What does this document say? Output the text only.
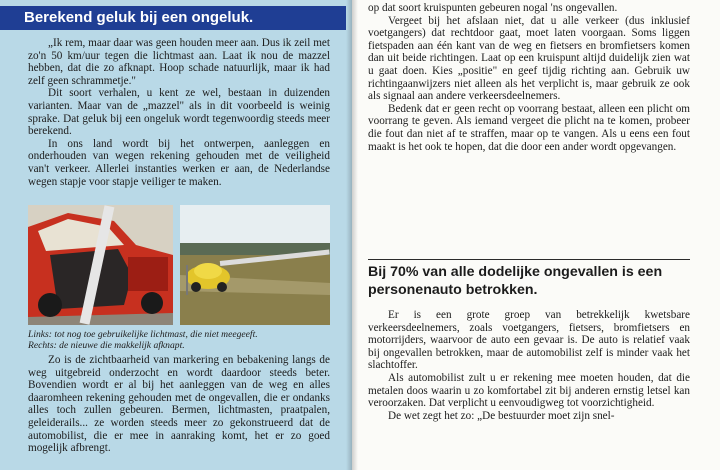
Berekend geluk bij een ongeluk.

„Ik rem, maar daar was geen houden meer aan. Dus ik zeil met zo'n 50 km/uur tegen die lichtmast aan. Laat ik nou de mazzel hebben, dat die zo afknapt. Hoop schade natuurlijk, maar ik had zelf geen schrammetje."

Dit soort verhalen, u kent ze wel, bestaan in duizenden varianten. Maar van de „mazzel" als in dit voorbeeld is weinig sprake. Dat geluk bij een ongeluk wordt tegenwoordig steeds meer berekend.

In ons land wordt bij het ontwerpen, aanleggen en onderhouden van wegen rekening gehouden met de veiligheid van't verkeer. Allerlei instanties werken er aan, de Nederlandse wegen stapje voor stapje veiliger te maken.

Links: tot nog toe gebruikelijke lichtmast, die niet meegeeft.
Rechts: de nieuwe die makkelijk afknapt.

Zo is de zichtbaarheid van markering en bebakening langs de weg uitgebreid onderzocht en wordt daardoor steeds beter. Bovendien wordt er al bij het aanleggen van de weg en alles daaromheen rekening gehouden met de ongevallen, die er ondanks alles toch zullen gebeuren. Bermen, lichtmasten, praatpalen, geleiderails... ze worden steeds meer zo gekonstrueerd dat de automobilist, die er mee in aanraking komt, het er zo goed mogelijk afbrengt.

op dat soort kruispunten gebeuren nogal 'ns ongevallen.

Vergeet bij het afslaan niet, dat u alle verkeer (dus inklusief voetgangers) dat rechtdoor gaat, moet laten voorgaan. Soms liggen fietspaden aan één kant van de weg en fietsers en bromfietsers komen dan uit beide richtingen. Laat op een kruispunt altijd duidelijk zien wat u gaat doen. Kies „positie" en geef tijdig richting aan. Gebruik uw richtingaanwijzers niet alleen als het verplicht is, maar gebruik ze ook als signaal aan andere verkeersdeelnemers.

Bedenk dat er geen recht op voorrang bestaat, alleen een plicht om voorrang te geven. Als iemand vergeet die plicht na te komen, probeer die fout dan niet af te straffen, maar op te vangen. Als u eens een fout maakt is het ook te hopen, dat die door een ander wordt opgevangen.

Bij 70% van alle dodelijke ongevallen is een personenauto betrokken.

Er is een grote groep van betrekkelijk kwetsbare verkeersdeelnemers, zoals voetgangers, fietsers, bromfietsers en motorrijders, waarvoor de auto een gevaar is. De auto is relatief vaak bij ongevallen betrokken, maar de automobilist zelf is minder vaak het slachtoffer.

Als automobilist zult u er rekening mee moeten houden, dat die metalen doos waarin u zo komfortabel zit bij anderen ernstig letsel kan veroorzaken. Dat verplicht u eenvoudigweg tot voorzichtigheid.

De wet zegt het zo: „De bestuurder moet zijn snel-
